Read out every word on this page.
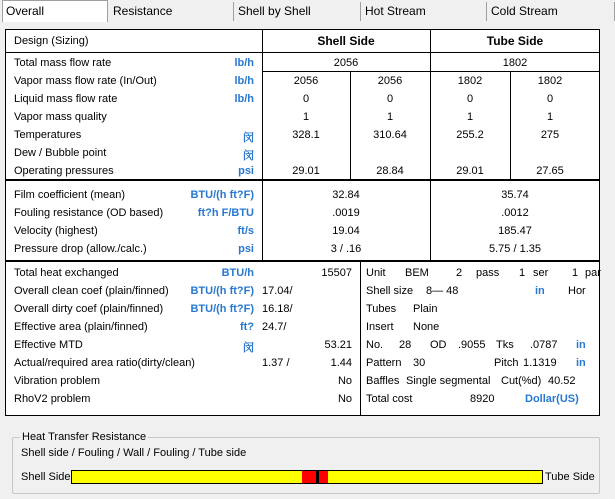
Overall	Resistance	Shell by Shell	Hot Stream	Cold Stream
Design (Sizing)	Shell Side	Tube Side
Total mass flow rate	lb/h	2056	1802
Vapor mass flow rate (In/Out)	lb/h	2056	2056	1802	1802
Liquid mass flow rate	lb/h	0	0	0	0
Vapor mass quality	1	1	1	1
Temperatures	闵	328.1	310.64	255.2	275
Dew / Bubble point	闵
Operating pressures	psi	29.01	28.84	29.01	27.65
Film coefficient (mean)	BTU/(h ft?F)	32.84	35.74
Fouling resistance (OD based)	ft?h F/BTU	.0019	.0012
Velocity (highest)	ft/s	19.04	185.47
Pressure drop (allow./calc.)	psi	3 / .16	5.75 / 1.35
Total heat exchanged	BTU/h	15507
Overall clean coef (plain/finned)	BTU/(h ft?F) 17.04/
Overall dirty coef (plain/finned)	BTU/(h ft?F) 16.18/
Effective area (plain/finned)	ft? 24.7/
Effective MTD	闵	53.21
Actual/required area ratio(dirty/clean)	1.37 /	1.44
Vibration problem	No
RhoV2 problem	No
Unit BEM 2 pass 1 ser 1 par
Shell size 8— 48	in Hor
Tubes Plain
Insert None
No. 28 OD .9055 Tks .0787 in
Pattern 30	Pitch 1.1319 in
Baffles Single segmental Cut(%d) 40.52
Total cost	8920	Dollar(US)
Heat Transfer Resistance
Shell side / Fouling / Wall / Fouling / Tube side
Shell Side	Tube Side
